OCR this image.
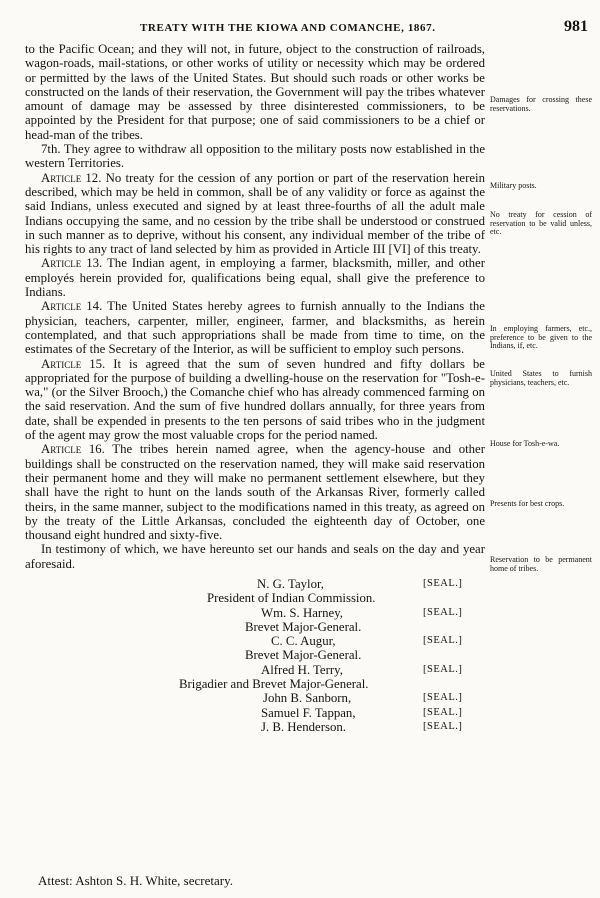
TREATY WITH THE KIOWA AND COMANCHE, 1867.	981

to the Pacific Ocean; and they will not, in future, object to the construction of railroads, wagon-roads, mail-stations, or other works of utility or necessity which may be ordered or permitted by the laws of the United States. But should such roads or other works be constructed on the lands of their reservation, the Government will pay the tribes whatever amount of damage may be assessed by three disinterested commissioners, to be appointed by the President for that purpose; one of said commissioners to be a chief or head-man of the tribes.

7th. They agree to withdraw all opposition to the military posts now established in the western Territories.

Article 12. No treaty for the cession of any portion or part of the reservation herein described, which may be held in common, shall be of any validity or force as against the said Indians, unless executed and signed by at least three-fourths of all the adult male Indians occupying the same, and no cession by the tribe shall be understood or construed in such manner as to deprive, without his consent, any individual member of the tribe of his rights to any tract of land selected by him as provided in Article III [VI] of this treaty.

Article 13. The Indian agent, in employing a farmer, blacksmith, miller, and other employés herein provided for, qualifications being equal, shall give the preference to Indians.

Article 14. The United States hereby agrees to furnish annually to the Indians the physician, teachers, carpenter, miller, engineer, farmer, and blacksmiths, as herein contemplated, and that such appropriations shall be made from time to time, on the estimates of the Secretary of the Interior, as will be sufficient to employ such persons.

Article 15. It is agreed that the sum of seven hundred and fifty dollars be appropriated for the purpose of building a dwelling-house on the reservation for "Tosh-e-wa," (or the Silver Brooch,) the Comanche chief who has already commenced farming on the said reservation. And the sum of five hundred dollars annually, for three years from date, shall be expended in presents to the ten persons of said tribes who in the judgment of the agent may grow the most valuable crops for the period named.

Article 16. The tribes herein named agree, when the agency-house and other buildings shall be constructed on the reservation named, they will make said reservation their permanent home and they will make no permanent settlement elsewhere, but they shall have the right to hunt on the lands south of the Arkansas River, formerly called theirs, in the same manner, subject to the modifications named in this treaty, as agreed on by the treaty of the Little Arkansas, concluded the eighteenth day of October, one thousand eight hundred and sixty-five.

In testimony of which, we have hereunto set our hands and seals on the day and year aforesaid.

N. G. Taylor,	[SEAL.]
President of Indian Commission.
Wm. S. Harney,	[SEAL.]
Brevet Major-General.
C. C. Augur,	[SEAL.]
Brevet Major-General.
Alfred H. Terry,	[SEAL.]
Brigadier and Brevet Major-General.
John B. Sanborn,	[SEAL.]
Samuel F. Tappan,	[SEAL.]
J. B. Henderson.	[SEAL.]
Damages for crossing these reservations.
Military posts.
No treaty for cession of reservation to be valid unless, etc.
In employing farmers, etc., preference to be given to the Indians, if, etc.
United States to furnish physicians, teachers, etc.
House for Tosh-e-wa.
Presents for best crops.
Reservation to be permanent home of tribes.
Attest: Ashton S. H. White, secretary.
